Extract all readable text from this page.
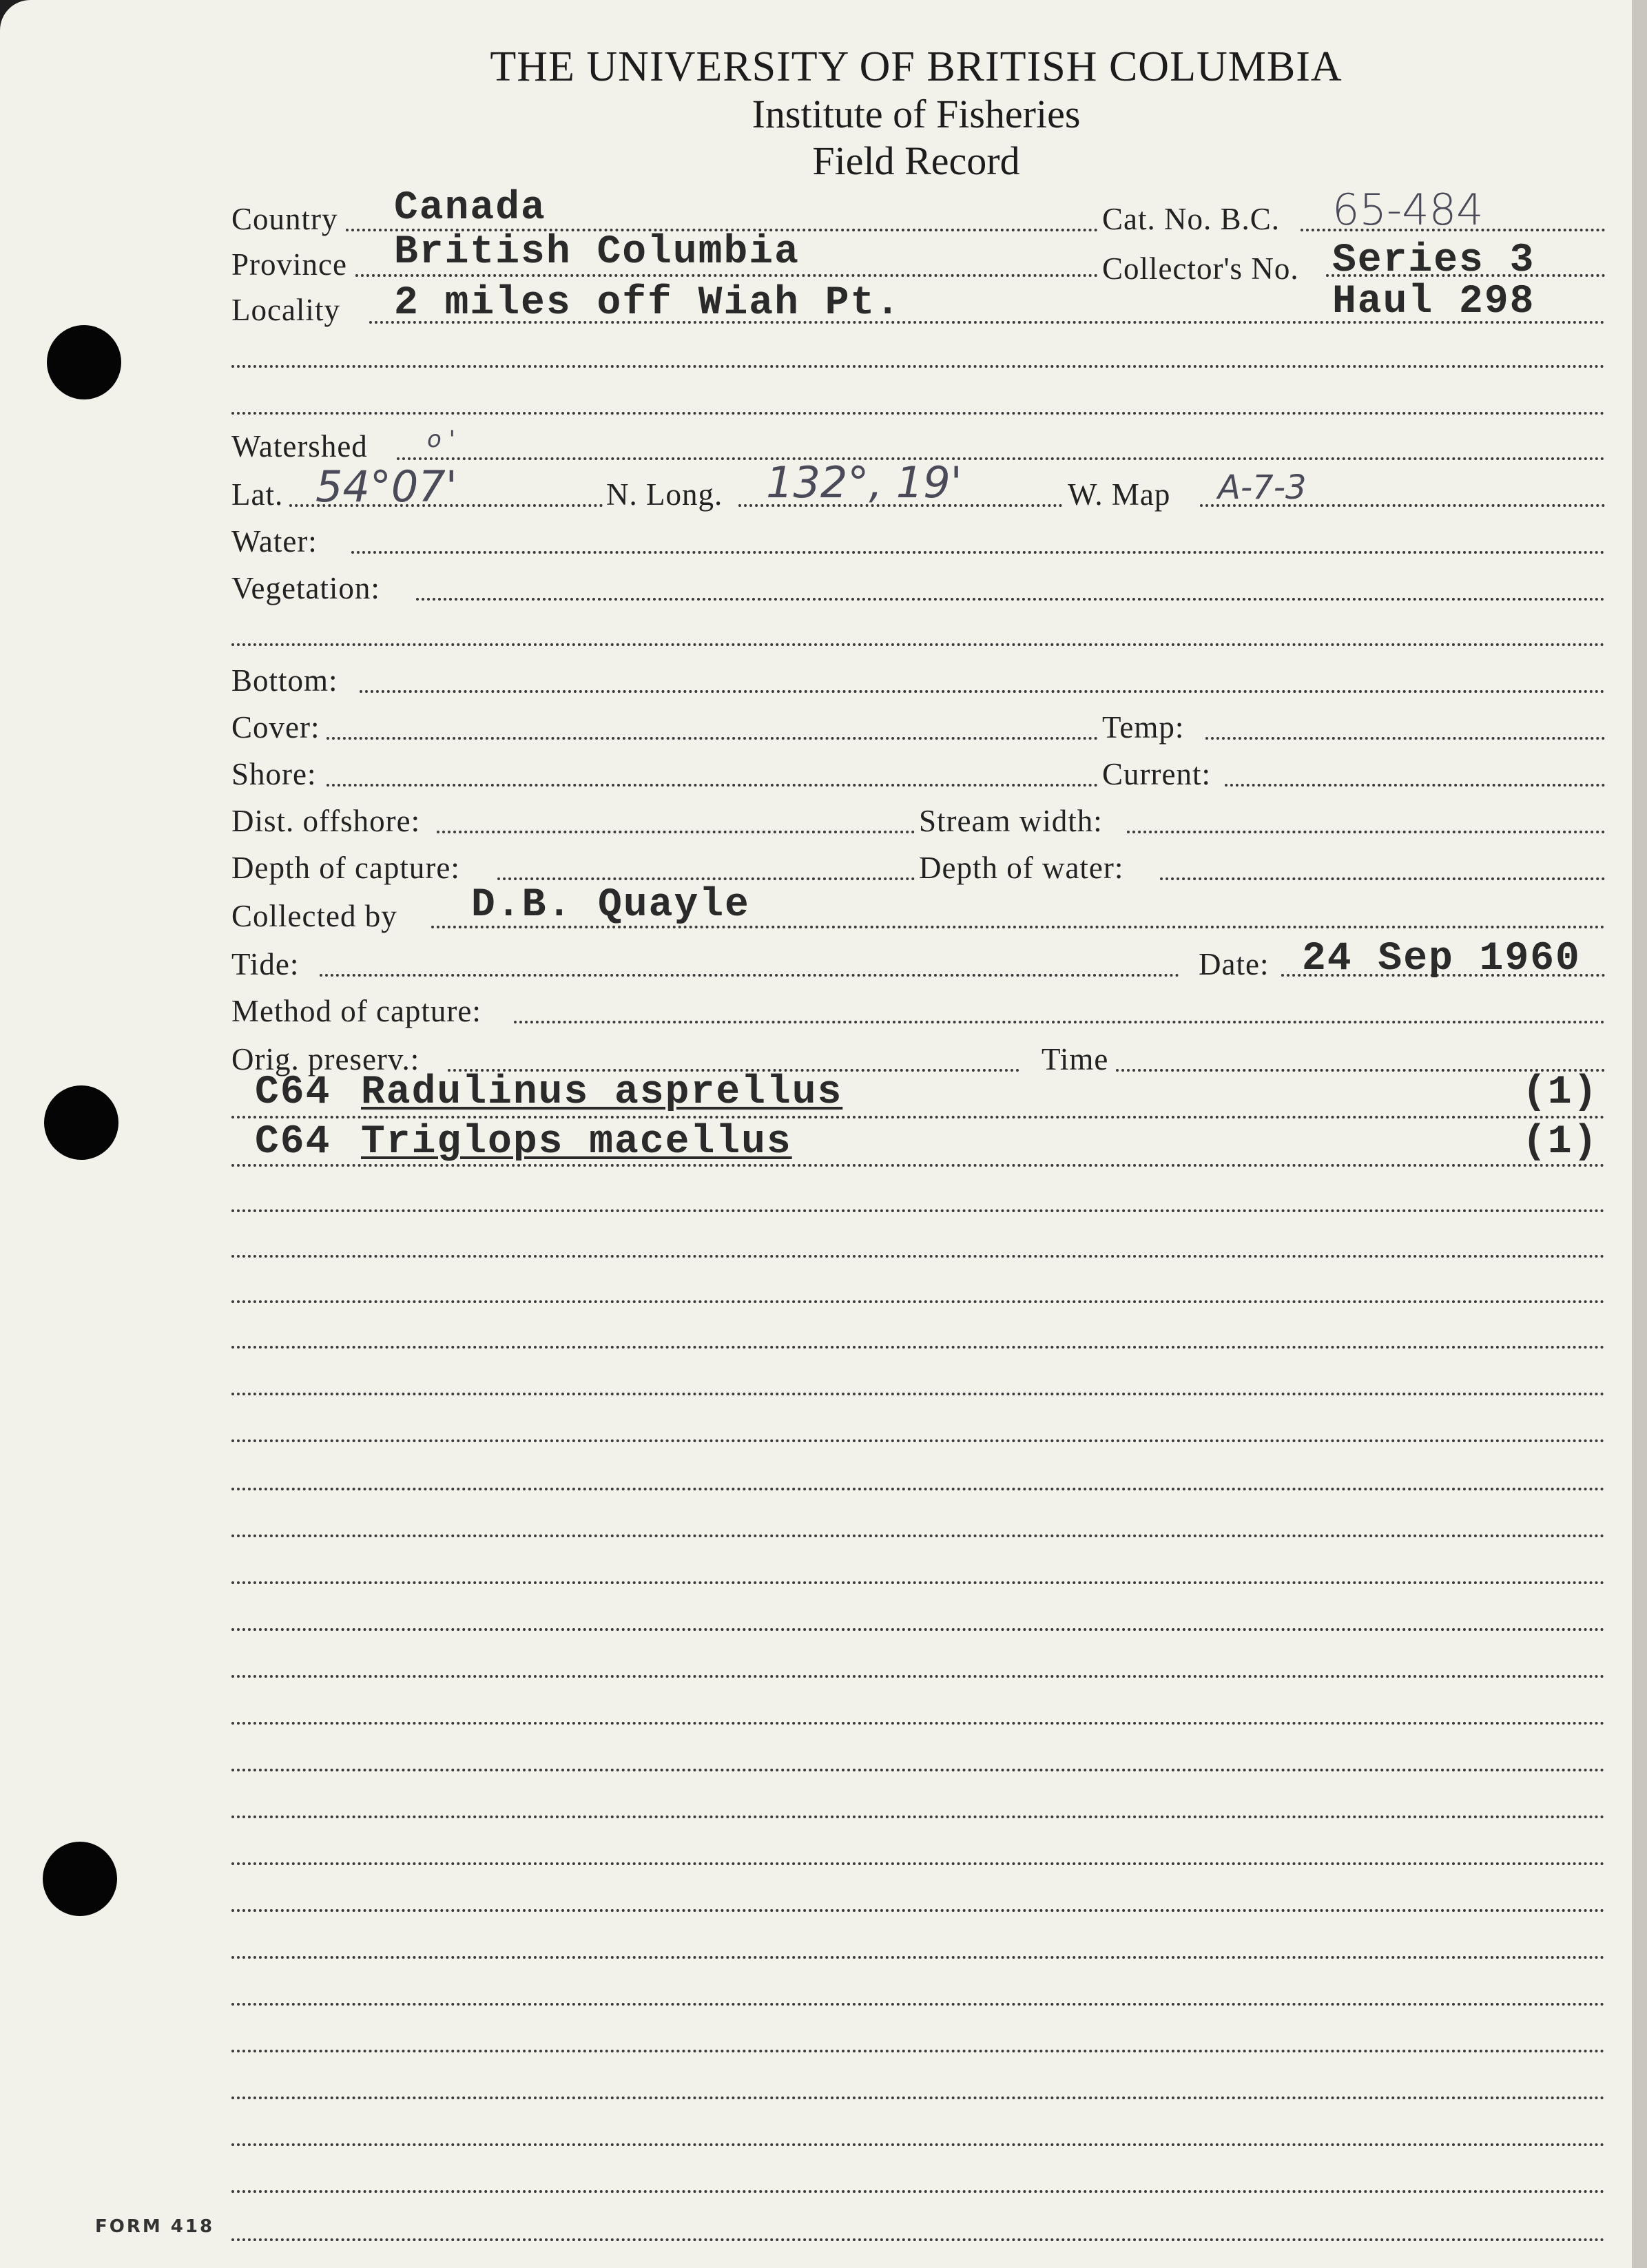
THE UNIVERSITY OF BRITISH COLUMBIA
Institute of Fisheries
Field Record
Country Canada	Cat. No. B.C. 65-484
Province British Columbia	Collector's No. Series 3
Locality 2 miles off Wiah Pt.	Haul 298
Watershed	o '
Lat. 54°07'	N. Long. 132°, 19'	W. Map A-7-3
Water:
Vegetation:
Bottom:
Cover:	Temp:
Shore:	Current:
Dist. offshore:	Stream width:
Depth of capture:	Depth of water:
Collected by D.B. Quayle
Tide:	Date: 24 Sep 1960
Method of capture:
Orig. preserv.:	Time
C64 Radulinus asprellus	(1)
C64 Triglops macellus	(1)
FORM 418
